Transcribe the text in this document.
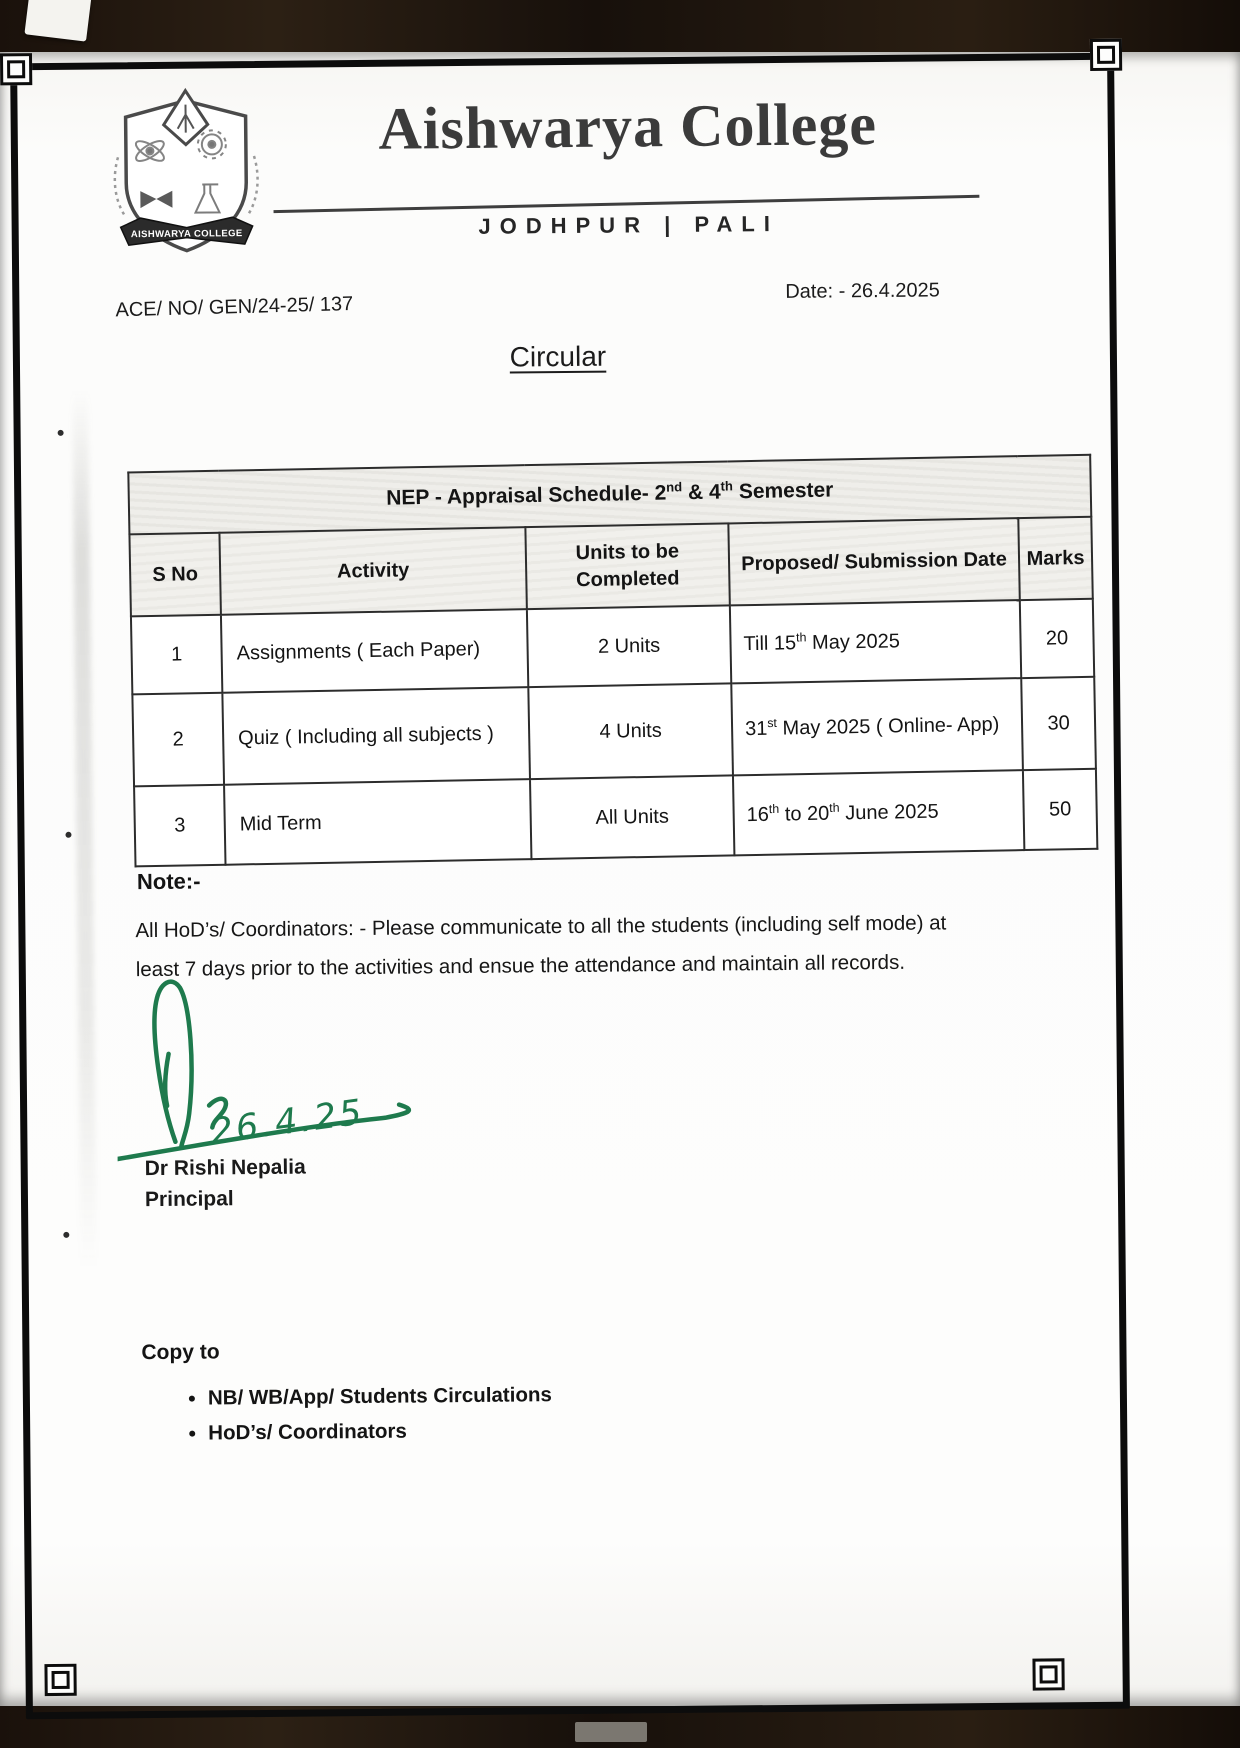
AISHWARYA COLLEGE
Aishwarya College
JODHPUR | PALI
ACE/ NO/ GEN/24-25/ 137
Date: - 26.4.2025
Circular
NEP - Appraisal Schedule- 2nd & 4th Semester				
S No	Activity	Units to be Completed	Proposed/ Submission Date	Marks
1	Assignments ( Each Paper)	2 Units	Till 15th May 2025	20
2	Quiz ( Including all subjects )	4 Units	31st May 2025 ( Online- App)	30
3	Mid Term	All Units	16th to 20th June 2025	50
Note:-
All HoD’s/ Coordinators: - Please communicate to all the students (including self mode) at least 7 days prior to the activities and ensue the attendance and maintain all records.
26.4.25
Dr Rishi Nepalia
Principal
Copy to
• NB/ WB/App/ Students Circulations
• HoD’s/ Coordinators
